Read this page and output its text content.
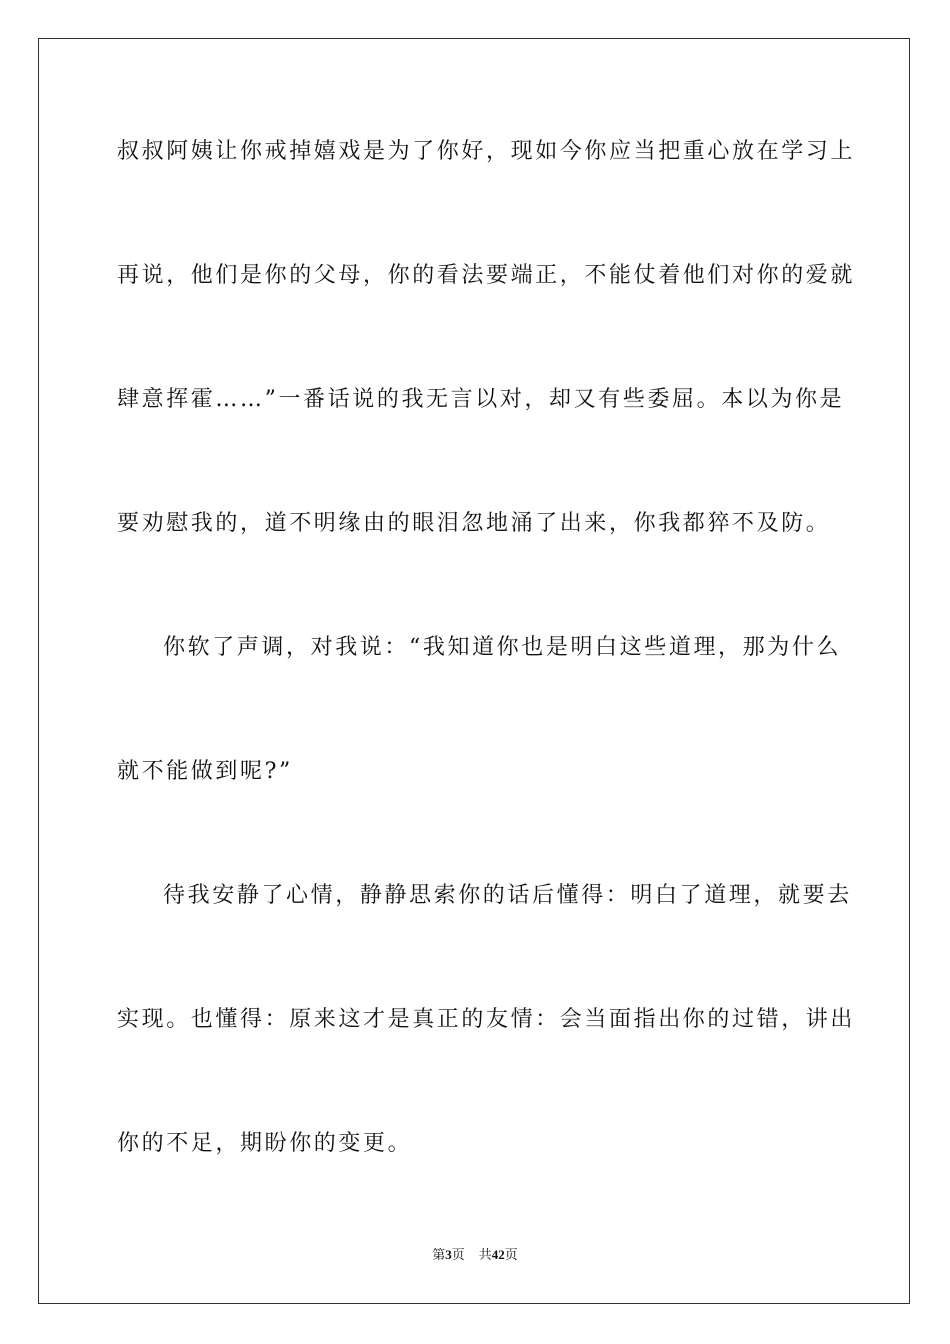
叔叔阿姨让你戒掉嬉戏是为了你好，现如今你应当把重心放在学习上
再说，他们是你的父母，你的看法要端正，不能仗着他们对你的爱就
肆意挥霍……”一番话说的我无言以对，却又有些委屈。本以为你是
要劝慰我的，道不明缘由的眼泪忽地涌了出来，你我都猝不及防。
你软了声调，对我说：“我知道你也是明白这些道理，那为什么
就不能做到呢?”
待我安静了心情，静静思索你的话后懂得：明白了道理，就要去
实现。也懂得：原来这才是真正的友情：会当面指出你的过错，讲出
你的不足，期盼你的变更。
第3页 共42页
